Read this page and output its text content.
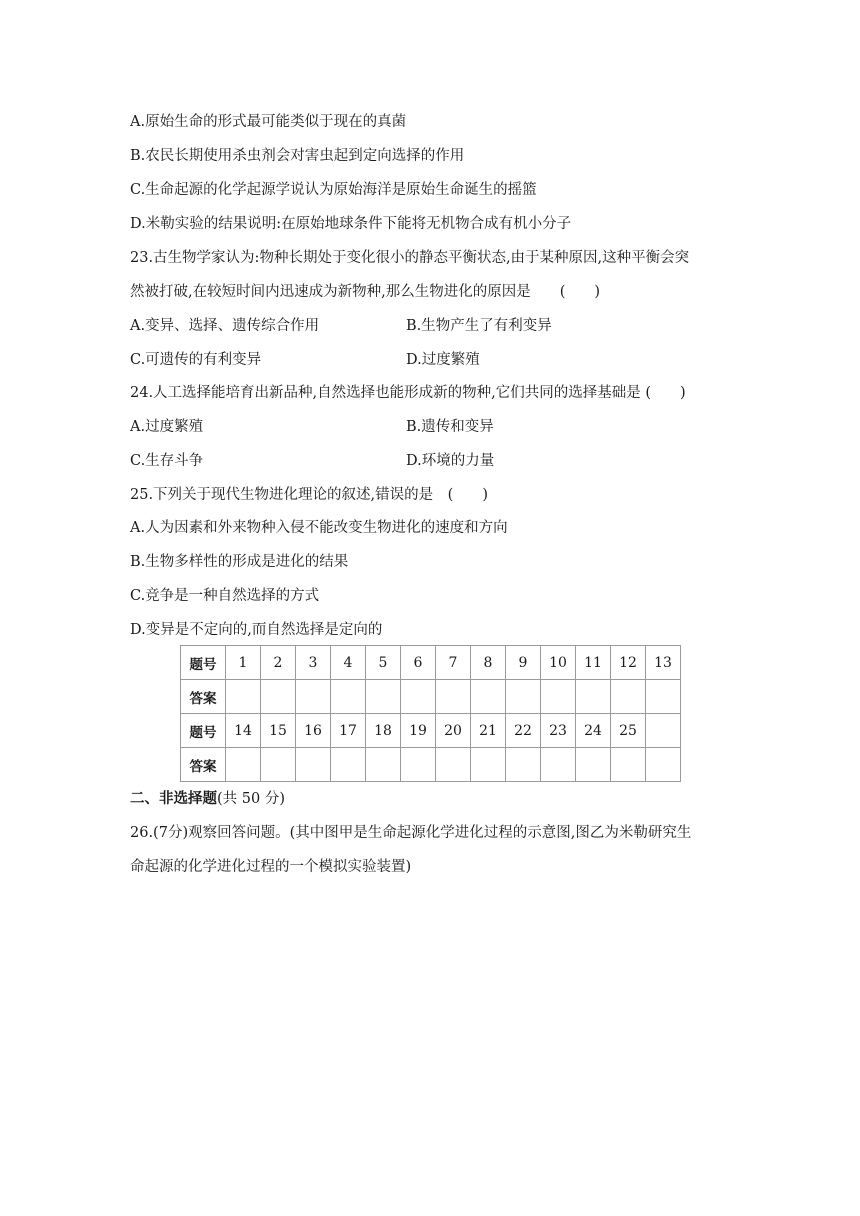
A.原始生命的形式最可能类似于现在的真菌
B.农民长期使用杀虫剂会对害虫起到定向选择的作用
C.生命起源的化学起源学说认为原始海洋是原始生命诞生的摇篮
D.米勒实验的结果说明:在原始地球条件下能将无机物合成有机小分子
23.古生物学家认为:物种长期处于变化很小的静态平衡状态,由于某种原因,这种平衡会突
然被打破,在较短时间内迅速成为新物种,那么生物进化的原因是　　(　　)
A.变异、选择、遗传综合作用	B.生物产生了有利变异
C.可遗传的有利变异	D.过度繁殖
24.人工选择能培育出新品种,自然选择也能形成新的物种,它们共同的选择基础是 (　　)
A.过度繁殖	B.遗传和变异
C.生存斗争	D.环境的力量
25.下列关于现代生物进化理论的叙述,错误的是　(　　)
A.人为因素和外来物种入侵不能改变生物进化的速度和方向
B.生物多样性的形成是进化的结果
C.竞争是一种自然选择的方式
D.变异是不定向的,而自然选择是定向的
题号	1	2	3	4	5	6	7	8	9	10	11	12	13
答案													
题号	14	15	16	17	18	19	20	21	22	23	24	25	
答案													
二、非选择题(共 50 分)
26.(7分)观察回答问题。(其中图甲是生命起源化学进化过程的示意图,图乙为米勒研究生
命起源的化学进化过程的一个模拟实验装置)
